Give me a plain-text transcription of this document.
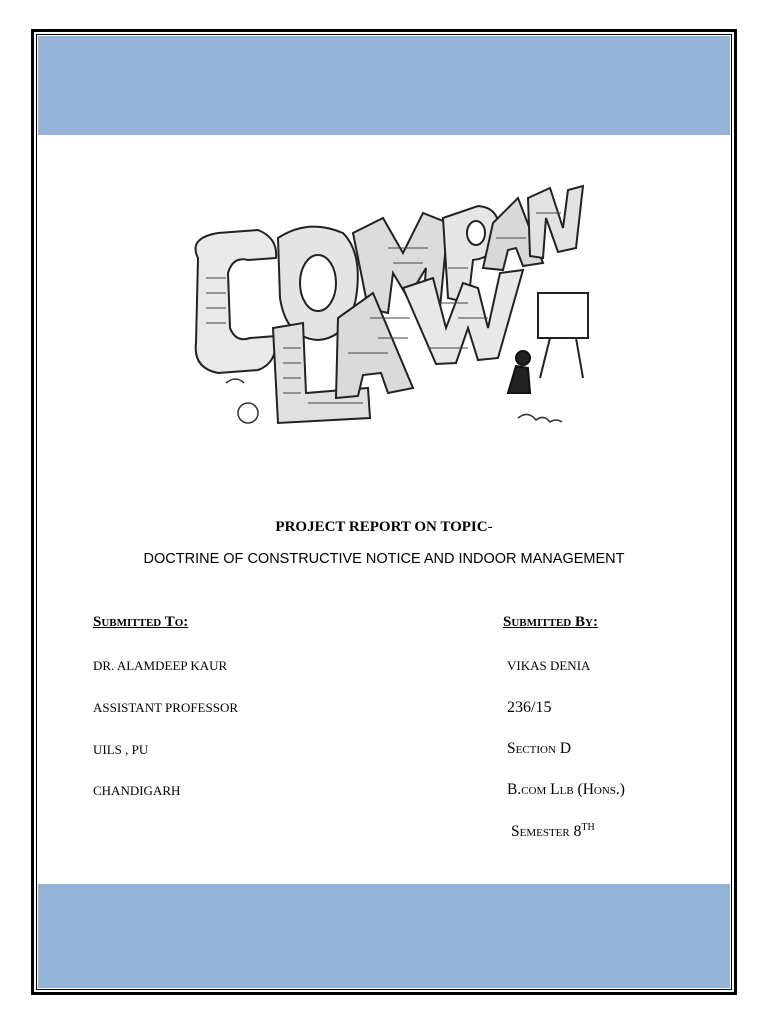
PROJECT REPORT ON TOPIC-
DOCTRINE OF CONSTRUCTIVE NOTICE AND INDOOR MANAGEMENT
Submitted To:	Submitted By:
DR. ALAMDEEP KAUR
ASSISTANT PROFESSOR
UILS , PU
CHANDIGARH
VIKAS DENIA
236/15
Section D
B.com Llb (Hons.)
Semester 8TH
